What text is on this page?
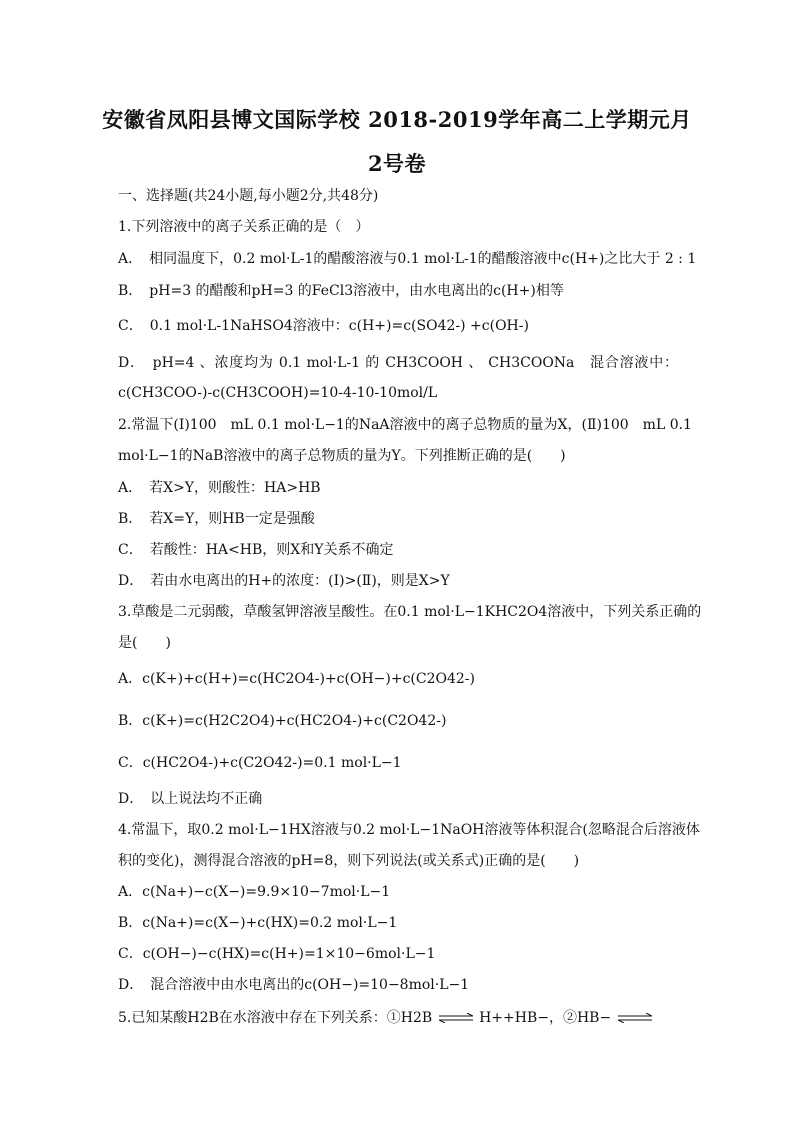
安徽省凤阳县博文国际学校 2018-2019学年高二上学期元月
2号卷
一、选择题(共24小题,每小题2分,共48分)
1.下列溶液中的离子关系正确的是（　）
A．　相同温度下，0.2 mol·L-1的醋酸溶液与0.1 mol·L-1的醋酸溶液中c(H+)之比大于 2 : 1
B．　pH=3 的醋酸和pH=3 的FeCl3溶液中，由水电离出的c(H+)相等
C．　0.1 mol·L-1NaHSO4溶液中：c(H+)=c(SO42-) +c(OH-)
D．　pH=4 、浓度均为 0.1 mol·L-1 的 CH3COOH 、 CH3COONa　混合溶液中：
c(CH3COO-)-c(CH3COOH)=10-4-10-10mol/L
2.常温下(Ⅰ)100　mL 0.1 mol·L−1的NaA溶液中的离子总物质的量为X，(Ⅱ)100　mL 0.1
mol·L−1的NaB溶液中的离子总物质的量为Y。下列推断正确的是(　　)
A．　若X>Y，则酸性：HA>HB
B．　若X=Y，则HB一定是强酸
C．　若酸性：HA<HB，则X和Y关系不确定
D．　若由水电离出的H+的浓度：(Ⅰ)>(Ⅱ)，则是X>Y
3.草酸是二元弱酸，草酸氢钾溶液呈酸性。在0.1 mol·L−1KHC2O4溶液中，下列关系正确的
是(　　)
A．c(K+)+c(H+)=c(HC2O4-)+c(OH−)+c(C2O42-)
B．c(K+)=c(H2C2O4)+c(HC2O4-)+c(C2O42-)
C．c(HC2O4-)+c(C2O42-)=0.1 mol·L−1
D．　以上说法均不正确
4.常温下，取0.2 mol·L−1HX溶液与0.2 mol·L−1NaOH溶液等体积混合(忽略混合后溶液体
积的变化)，测得混合溶液的pH=8，则下列说法(或关系式)正确的是(　　)
A．c(Na+)−c(X−)=9.9×10−7mol·L−1
B．c(Na+)=c(X−)+c(HX)=0.2 mol·L−1
C．c(OH−)−c(HX)=c(H+)=1×10−6mol·L−1
D．　混合溶液中由水电离出的c(OH−)=10−8mol·L−1
5.已知某酸H2B在水溶液中存在下列关系：①H2B ⇌ H++HB−，②HB− ⇌
